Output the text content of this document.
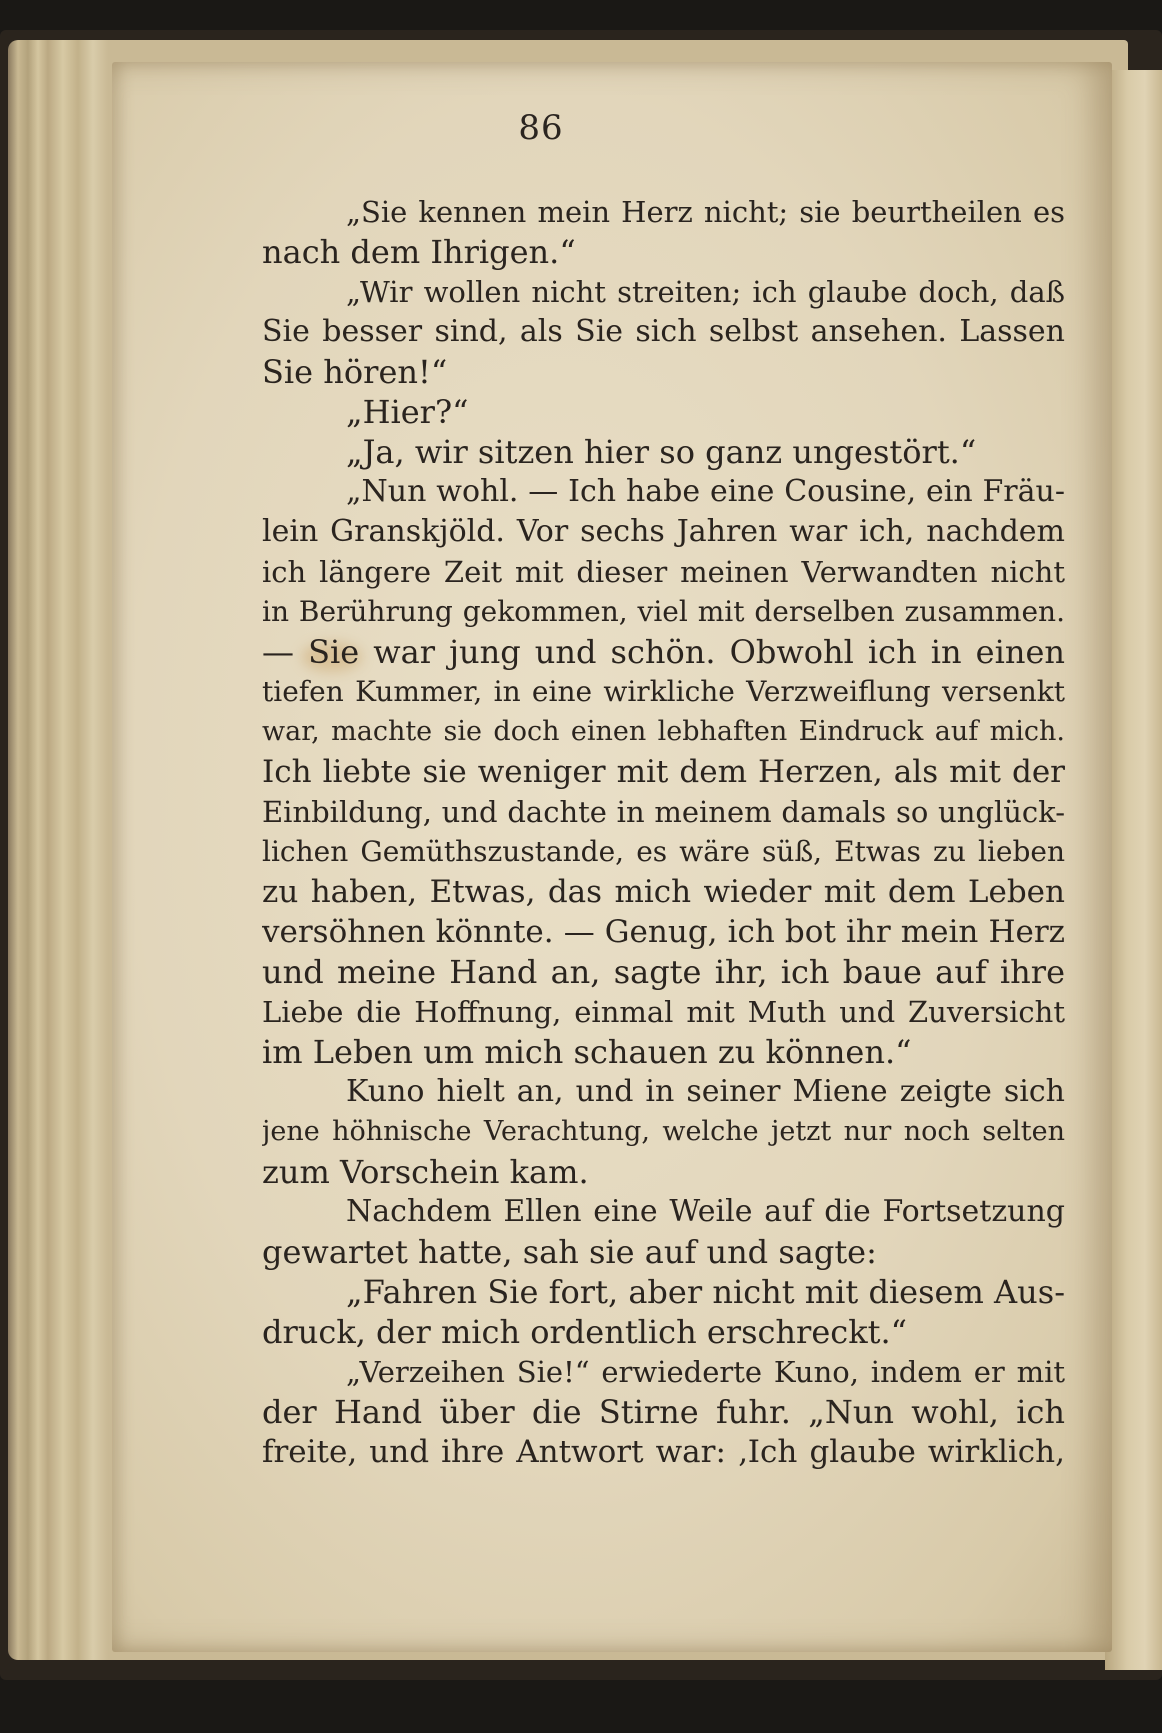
86
„Sie kennen mein Herz nicht; sie beurtheilen es
nach dem Ihrigen.“
„Wir wollen nicht streiten; ich glaube doch, daß
Sie besser sind, als Sie sich selbst ansehen. Lassen
Sie hören!“
„Hier?“
„Ja, wir sitzen hier so ganz ungestört.“
„Nun wohl. — Ich habe eine Cousine, ein Fräu-
lein Granskjöld. Vor sechs Jahren war ich, nachdem
ich längere Zeit mit dieser meinen Verwandten nicht
in Berührung gekommen, viel mit derselben zusammen.
— Sie war jung und schön. Obwohl ich in einen
tiefen Kummer, in eine wirkliche Verzweiflung versenkt
war, machte sie doch einen lebhaften Eindruck auf mich.
Ich liebte sie weniger mit dem Herzen, als mit der
Einbildung, und dachte in meinem damals so unglück-
lichen Gemüthszustande, es wäre süß, Etwas zu lieben
zu haben, Etwas, das mich wieder mit dem Leben
versöhnen könnte. — Genug, ich bot ihr mein Herz
und meine Hand an, sagte ihr, ich baue auf ihre
Liebe die Hoffnung, einmal mit Muth und Zuversicht
im Leben um mich schauen zu können.“
Kuno hielt an, und in seiner Miene zeigte sich
jene höhnische Verachtung, welche jetzt nur noch selten
zum Vorschein kam.
Nachdem Ellen eine Weile auf die Fortsetzung
gewartet hatte, sah sie auf und sagte:
„Fahren Sie fort, aber nicht mit diesem Aus-
druck, der mich ordentlich erschreckt.“
„Verzeihen Sie!“ erwiederte Kuno, indem er mit
der Hand über die Stirne fuhr. „Nun wohl, ich
freite, und ihre Antwort war: ‚Ich glaube wirklich,
